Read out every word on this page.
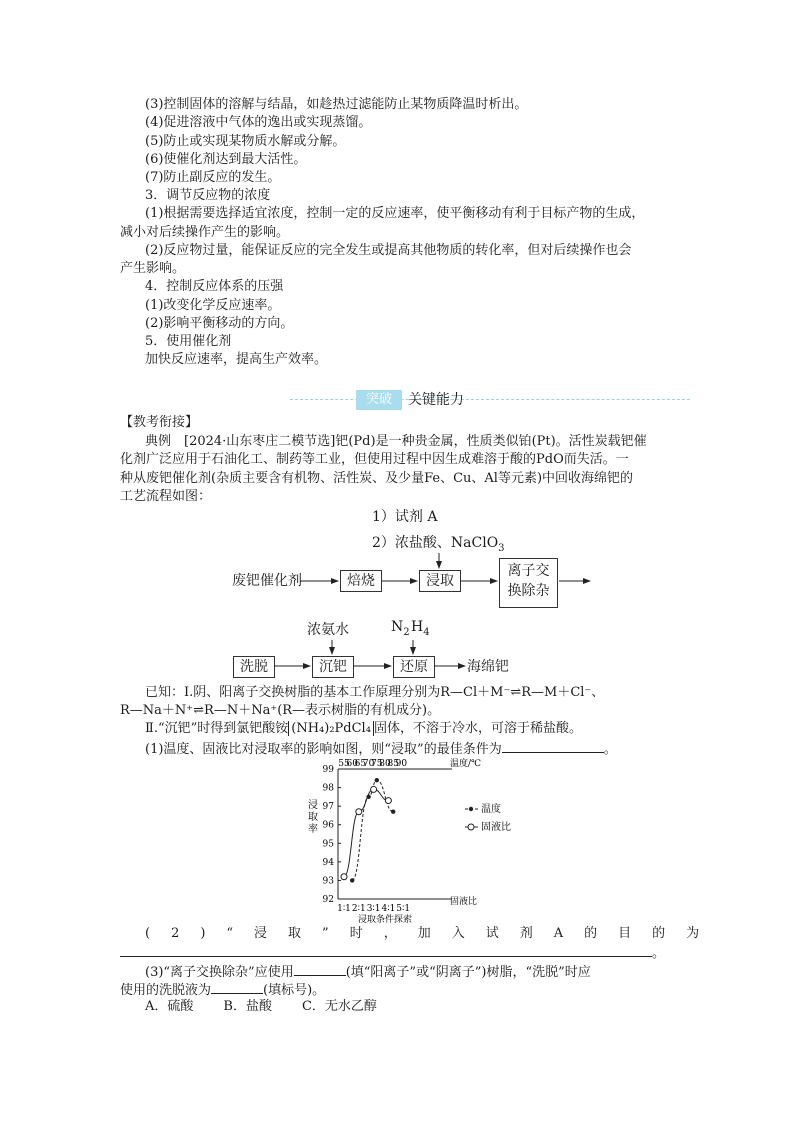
(3)控制固体的溶解与结晶，如趁热过滤能防止某物质降温时析出。
(4)促进溶液中气体的逸出或实现蒸馏。
(5)防止或实现某物质水解或分解。
(6)使催化剂达到最大活性。
(7)防止副反应的发生。
3．调节反应物的浓度
(1)根据需要选择适宜浓度，控制一定的反应速率，使平衡移动有利于目标产物的生成，
减小对后续操作产生的影响。
(2)反应物过量，能保证反应的完全发生或提高其他物质的转化率，但对后续操作也会
产生影响。
4．控制反应体系的压强
(1)改变化学反应速率。
(2)影响平衡移动的方向。
5．使用催化剂
加快反应速率，提高生产效率。
突破	关键能力
【教考衔接】
典例　[2024·山东枣庄二模节选]钯(Pd)是一种贵金属，性质类似铂(Pt)。活性炭载钯催
化剂广泛应用于石油化工、制药等工业，但使用过程中因生成难溶于酸的PdO而失活。一
种从废钯催化剂(杂质主要含有机物、活性炭、及少量Fe、Cu、Al等元素)中回收海绵钯的
工艺流程如图：
1）试剂 A
2）浓盐酸、NaClO$_3$
废钯催化剂	焙烧	浸取
离子交
换除杂
浓氨水	$N_2$ $H_4$
洗脱	沉钯	还原	海绵钯
已知：Ⅰ.阴、阳离子交换树脂的基本工作原理分别为R—Cl＋M⁻⇌R—M＋Cl⁻、
R—Na＋N⁺⇌R—N＋Na⁺(R—表示树脂的有机成分)。
Ⅱ.“沉钯”时得到氯钯酸铵 (NH₄)₂PdCl₄ 固体，不溶于冷水，可溶于稀盐酸。
(1)温度、固液比对浸取率的影响如图，则“浸取”的最佳条件为	。
92
93
94
95
96
97
98
99
浸
取
率
55
60
65
70
75
80
85
90	温度/℃
1∶1 2∶1 3∶1 4∶1 5∶1
固液比
浸取条件探索
温度
固液比
(2)“浸取”时，加入试剂A的目的为
。
(3)“离子交换除杂”应使用	(填“阳离子”或“阴离子”)树脂，“洗脱”时应
使用的洗脱液为	(填标号)。
A．硫酸 B．盐酸 C．无水乙醇
